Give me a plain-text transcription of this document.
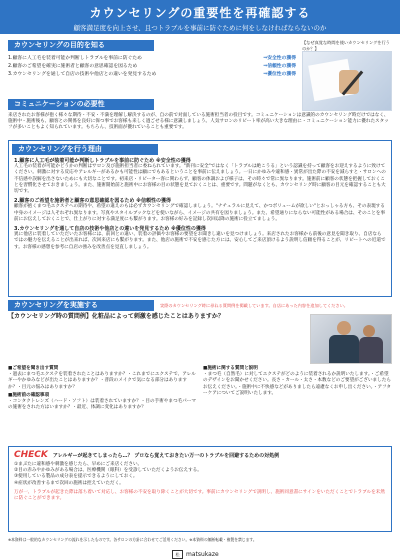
カウンセリングの重要性を再確認する
顧客満足度を向上させ、且つトラブルを事前に防ぐために何をしなければならないのか
カウンセリングの目的を知る
1.顧客に人工毛を装着可能か判断しトラブルを事前に防ぐため	⇒安全性の獲得
2.顧客のご希望を確実に施術者と顧客の意思確認を図るため	⇒信頼性の獲得
3.カウンセリングを通して自店の技術や他店との違いを発見するため	⇒優位性の獲得
【なぜ真覚な時間を使いカウンセリングを行うのか？】
コミュニケーションの必要性
来店されたお客様が抱く様々な期待・不安・不満を理解し解決するのが、自の前で対面している施術担当者の役目です。コミュニケーションは意識的のカウンセリング時だけではなく、施術中・施術後も、顧客との関係を良好に保つ事でお客様も来しく過ごせる様に意識しましょう。人気サロンのリピート率が高い大きな理由に・コミュニケーション能力に優れたスタッフが多いこともよく知られています。もちろん、技術面が優れていることも重要です。
カウンセリングを行う理由

1.顧客に人工毛が装着可能か判断しトラブルを事前に防ぐため ※安全性の獲得

人工毛の装着が可能かどうかの判断はサロン及び施術担当者に委ねられています。"新刊に安全"ではなく「トラブルは絶こうる」という認識を持って顧客をお迎えするように致けてください。刺激に対する反応やアレルギーがあるかも可能性は顧にでもあるということを事前に伝えましょう。一日にかゆみや違和感・異常が出た際の不安を減らすと・サロンへの不信感や誤解を出さないためにも大切なことです。初来店・リピーター客に関わらず、顧客の体調および様子は、その時々で常に異なります。施術前に顧客の状態を把握しておくことを習慣化させておきましょう。また、施術開始前と施術中にお客様の目の状態を見ておくことは、重要です。問題がなくとも、カウンセリング時に顧客の目元を確認することも大切です。

2.顧客のご希望を施術者と顧客の意思確認を図るため ※信頼性の獲得

顧客が抱くまつ毛エクステへの期待や、希望の違えのもは必ずカウンセリングで確認しましょう。"ナチュラルに見えて、かつボリュームが欲しい"とおっしゃる方も、その表現する中身のイメージは人それぞれ異なります。写真やスタイルブックなどを使いながら、イメージの共有を図りましょう。また、希望通りにならない可能性がある場合は、そのことを事前にお伝えしておくことで、仕上がりに対する満足度にも繋がります。お客様の好みを記録し次回以降の施術に役立てましょう。

3.カウンセリングを通して自店の技術や他店との違いを発見するため ※優位性の獲得

異に他店に装着していただいたお客様には、前回との違い、装着の評価やお客様の要望をお聞きし違いを見つけましょう。来店されたお客様から前後の意見を聞き取り、自店ならではの魅力を伝えることが出来れば、次回来店にも繋がります。また、他店の施術で不安を感じた方には、安心してご来店頂けるよう説明し信頼を得ることが、リピートへの近道です。お客様の感想を参考に自店の強みを改善点を見直しましょう。

カウンセリングを実施する	実際のカウンセリング時に尋ねる質問例を掲載しています。自店にあった内容を追加してください。
【カウンセリング時の質問例】化粧品によって刺激を感じたことはありますか？

■ご希望を聞き出す質問

・過去にまつ毛エクステを装着されたことはありますか？・これまでにエクステで、アレルギーやかゆみなどが出たことはありますか？・普段のメイクで気になる部分はありますか？・目元の悩みはありますか？

■施術前の確認事項

・コンタクトレンズ（ハード・ソフト）は装着されていますか？・目の手術やまつ毛パーマの施術をされた方はいますか？・最近、体調に変化はありますか？

■施術に関する質問と説明

・まつ毛（自然毛）に対してエクステがどのように装着されるか説明いたします。・ご希望のデザインをお聞かせください。長さ・カール・太さ・本数などのご要望がございましたらお伝えください。・施術中に不快感などがありましたら遠慮なくお申し出ください。・アフターケアについてご説明いたします。

CHECK アレルギーが起きてしまったら…？ プロなら覚えておきたい万一のトラブルを回避するための対処例

①まぶたに違和感や刺激を感じたら、早めにご来店ください。

②目の赤みやかゆみがある場合は、医療機関（眼科）を受診していただくようお伝えする。

③使用している製品の成分表を提示できるようにしておく。

④症状が改善するまで次回の施術は控えていただく。

万が一、トラブルが起きた際は落ち着いて対応し、お客様の不安を取り除くことが大切です。事前にカウンセリングで説明し、施術同意書にサインをいただくことでトラブルを未然に防ぐことができます。

※本資料は一般的なカウンセリングの流れを示したものです。各サロンの方針に合わせてご活用ください。※本資料の無断転載・複製を禁じます。
松	matsukaze
